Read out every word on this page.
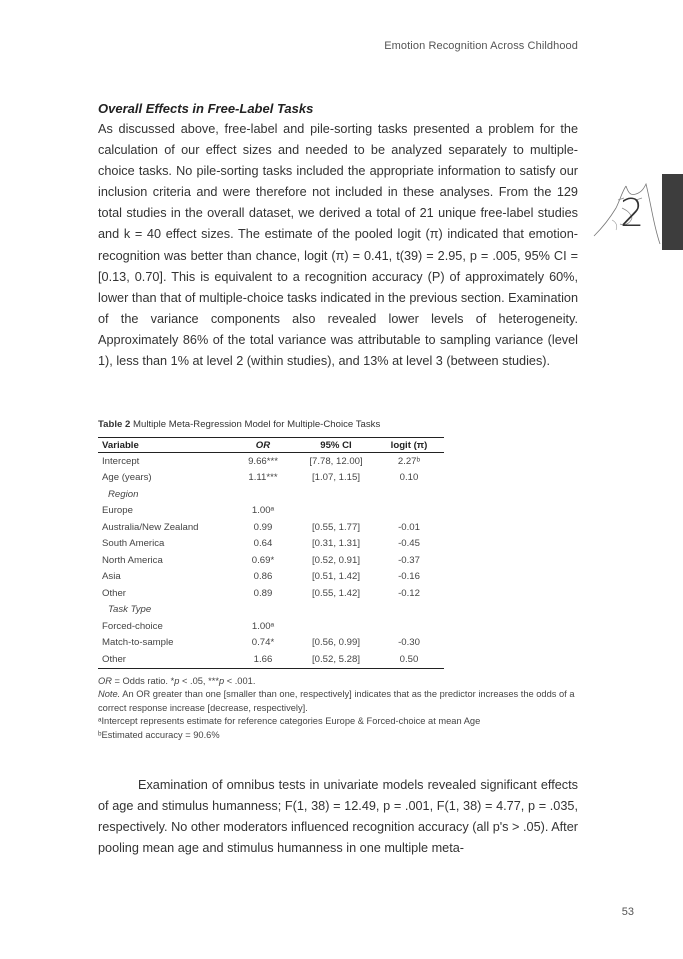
Emotion Recognition Across Childhood
2
Overall Effects in Free-Label Tasks
As discussed above, free-label and pile-sorting tasks presented a problem for the calculation of our effect sizes and needed to be analyzed separately to multiple-choice tasks. No pile-sorting tasks included the appropriate information to satisfy our inclusion criteria and were therefore not included in these analyses. From the 129 total studies in the overall dataset, we derived a total of 21 unique free-label studies and k = 40 effect sizes. The estimate of the pooled logit (π) indicated that emotion-recognition was better than chance, logit (π) = 0.41, t(39) = 2.95, p = .005, 95% CI = [0.13, 0.70]. This is equivalent to a recognition accuracy (P) of approximately 60%, lower than that of multiple-choice tasks indicated in the previous section. Examination of the variance components also revealed lower levels of heterogeneity. Approximately 86% of the total variance was attributable to sampling variance (level 1), less than 1% at level 2 (within studies), and 13% at level 3 (between studies).
Table 2 Multiple Meta-Regression Model for Multiple-Choice Tasks
Variable	OR	95% CI	logit (π)
Intercept	9.66***	[7.78, 12.00]	2.27ᵇ
Age (years)	1.11***	[1.07, 1.15]	0.10
Region			
Europe	1.00ᵃ		
Australia/New Zealand	0.99	[0.55, 1.77]	-0.01
South America	0.64	[0.31, 1.31]	-0.45
North America	0.69*	[0.52, 0.91]	-0.37
Asia	0.86	[0.51, 1.42]	-0.16
Other	0.89	[0.55, 1.42]	-0.12
Task Type			
Forced-choice	1.00ᵃ		
Match-to-sample	0.74*	[0.56, 0.99]	-0.30
Other	1.66	[0.52, 5.28]	0.50
OR = Odds ratio. *p < .05, ***p < .001.
Note. An OR greater than one [smaller than one, respectively] indicates that as the predictor increases the odds of a correct response increase [decrease, respectively].
ᵃIntercept represents estimate for reference categories Europe & Forced-choice at mean Age
ᵇEstimated accuracy = 90.6%
Examination of omnibus tests in univariate models revealed significant effects of age and stimulus humanness; F(1, 38) = 12.49, p = .001, F(1, 38) = 4.77, p = .035, respectively. No other moderators influenced recognition accuracy (all p's > .05). After pooling mean age and stimulus humanness in one multiple meta-
53
